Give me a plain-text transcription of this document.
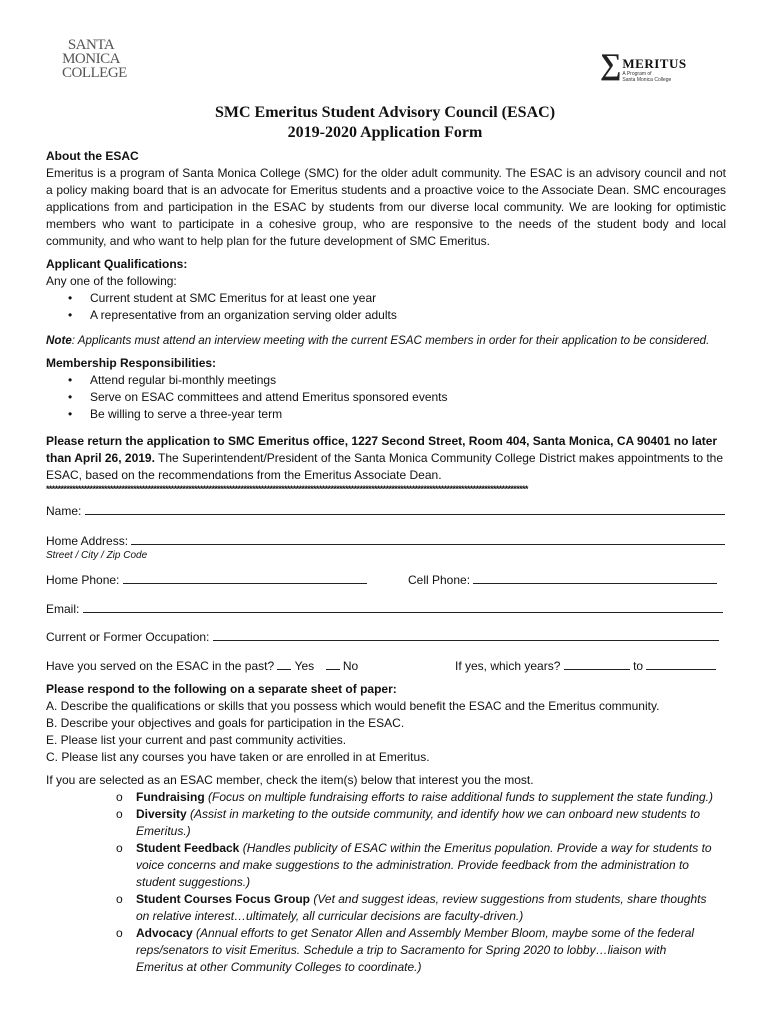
SANTA
MONICA
COLLEGE	∑ MERITUS
A Program of
Santa Monica College
SMC Emeritus Student Advisory Council (ESAC)
2019-2020 Application Form
About the ESAC
Emeritus is a program of Santa Monica College (SMC) for the older adult community. The ESAC is an advisory council and not a policy making board that is an advocate for Emeritus students and a proactive voice to the Associate Dean. SMC encourages applications from and participation in the ESAC by students from our diverse local community. We are looking for optimistic members who want to participate in a cohesive group, who are responsive to the needs of the student body and local community, and who want to help plan for the future development of SMC Emeritus.
Applicant Qualifications:
Any one of the following:
• Current student at SMC Emeritus for at least one year
• A representative from an organization serving older adults
Note: Applicants must attend an interview meeting with the current ESAC members in order for their application to be considered.
Membership Responsibilities:
• Attend regular bi-monthly meetings
• Serve on ESAC committees and attend Emeritus sponsored events
• Be willing to serve a three-year term
Please return the application to SMC Emeritus office, 1227 Second Street, Room 404, Santa Monica, CA 90401 no later than April 26, 2019. The Superintendent/President of the Santa Monica Community College District makes appointments to the ESAC, based on the recommendations from the Emeritus Associate Dean.
**********************************************************************************************************************************************************************
Name:
Home Address:
Street / City / Zip Code
Home Phone:	Cell Phone:
Email:
Current or Former Occupation:
Have you served on the ESAC in the past? Yes No	If yes, which years?	to
Please respond to the following on a separate sheet of paper:
A. Describe the qualifications or skills that you possess which would benefit the ESAC and the Emeritus community.
B. Describe your objectives and goals for participation in the ESAC.
E. Please list your current and past community activities.
C. Please list any courses you have taken or are enrolled in at Emeritus.
If you are selected as an ESAC member, check the item(s) below that interest you the most.
o Fundraising (Focus on multiple fundraising efforts to raise additional funds to supplement the state funding.)
o Diversity (Assist in marketing to the outside community, and identify how we can onboard new students to Emeritus.)
o Student Feedback (Handles publicity of ESAC within the Emeritus population. Provide a way for students to voice concerns and make suggestions to the administration. Provide feedback from the administration to student suggestions.)
o Student Courses Focus Group (Vet and suggest ideas, review suggestions from students, share thoughts on relative interest…ultimately, all curricular decisions are faculty-driven.)
o Advocacy (Annual efforts to get Senator Allen and Assembly Member Bloom, maybe some of the federal reps/senators to visit Emeritus. Schedule a trip to Sacramento for Spring 2020 to lobby…liaison with Emeritus at other Community Colleges to coordinate.)
